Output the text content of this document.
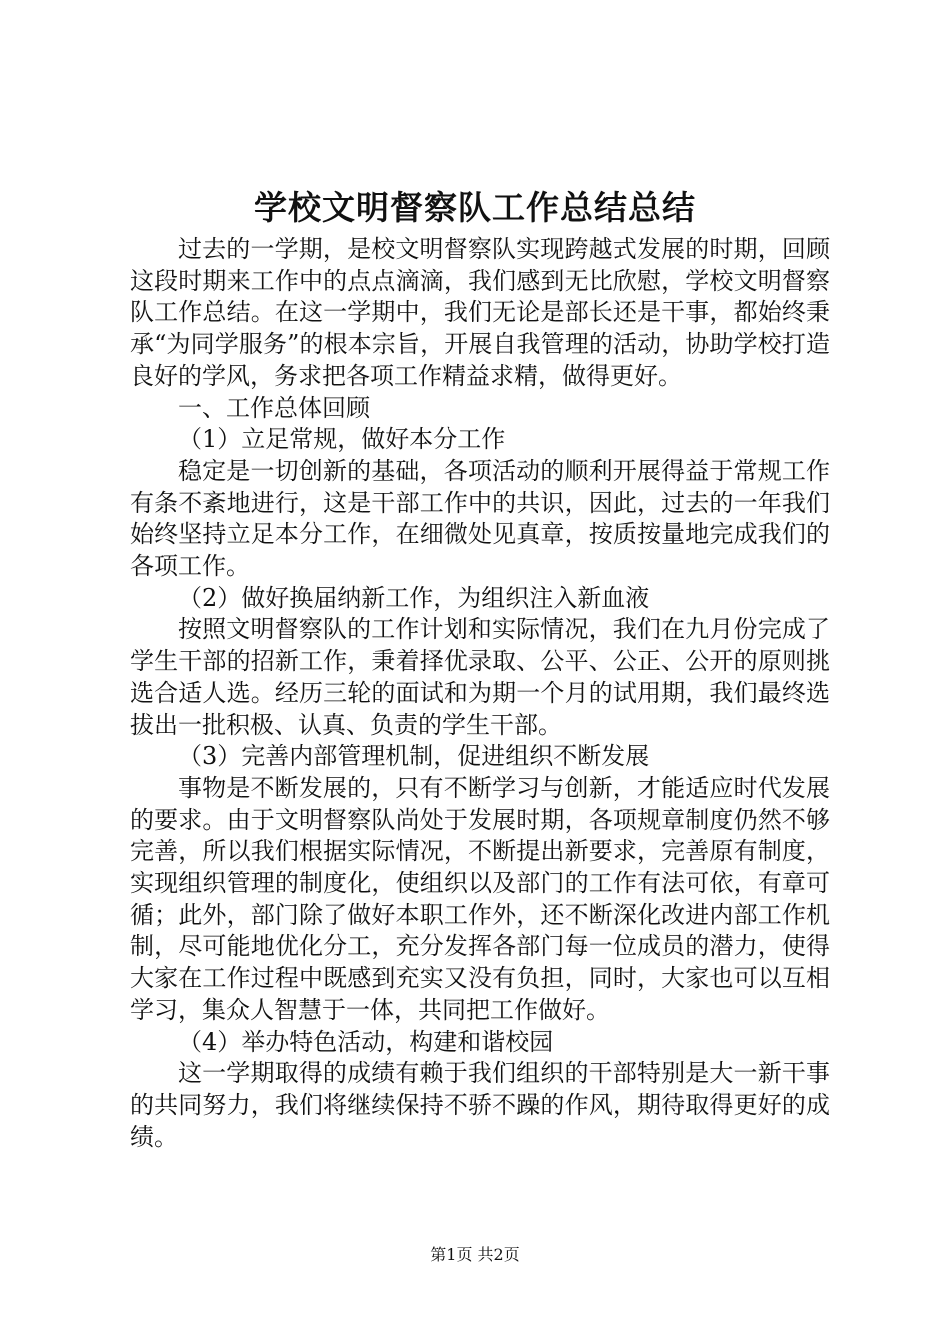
学校文明督察队工作总结总结

过去的一学期，是校文明督察队实现跨越式发展的时期，回顾这段时期来工作中的点点滴滴，我们感到无比欣慰，学校文明督察队工作总结。在这一学期中，我们无论是部长还是干事，都始终秉承“为同学服务”的根本宗旨，开展自我管理的活动，协助学校打造良好的学风，务求把各项工作精益求精，做得更好。

一、工作总体回顾

（1）立足常规，做好本分工作

稳定是一切创新的基础，各项活动的顺利开展得益于常规工作有条不紊地进行，这是干部工作中的共识，因此，过去的一年我们始终坚持立足本分工作，在细微处见真章，按质按量地完成我们的各项工作。

（2）做好换届纳新工作，为组织注入新血液

按照文明督察队的工作计划和实际情况，我们在九月份完成了学生干部的招新工作，秉着择优录取、公平、公正、公开的原则挑选合适人选。经历三轮的面试和为期一个月的试用期，我们最终选拔出一批积极、认真、负责的学生干部。

（3）完善内部管理机制，促进组织不断发展

事物是不断发展的，只有不断学习与创新，才能适应时代发展的要求。由于文明督察队尚处于发展时期，各项规章制度仍然不够完善，所以我们根据实际情况，不断提出新要求，完善原有制度，实现组织管理的制度化，使组织以及部门的工作有法可依，有章可循；此外，部门除了做好本职工作外，还不断深化改进内部工作机制，尽可能地优化分工，充分发挥各部门每一位成员的潜力，使得大家在工作过程中既感到充实又没有负担，同时，大家也可以互相学习，集众人智慧于一体，共同把工作做好。

（4）举办特色活动，构建和谐校园

这一学期取得的成绩有赖于我们组织的干部特别是大一新干事的共同努力，我们将继续保持不骄不躁的作风，期待取得更好的成绩。

第1页 共2页
